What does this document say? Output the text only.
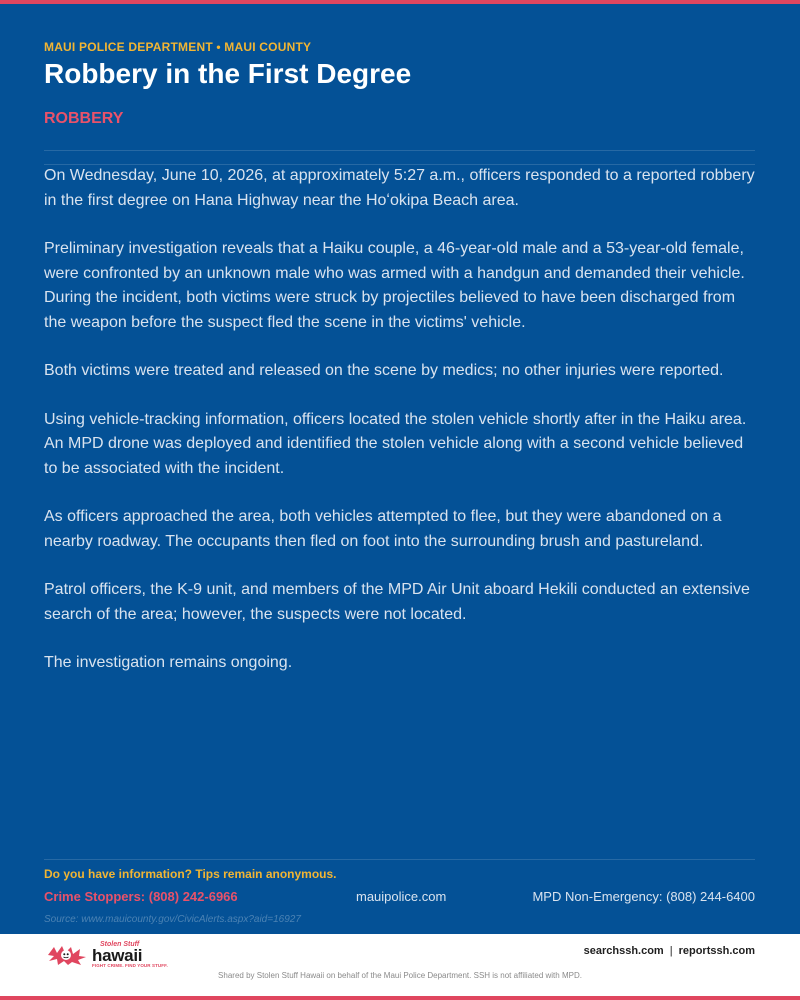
MAUI POLICE DEPARTMENT • MAUI COUNTY
Robbery in the First Degree
ROBBERY

On Wednesday, June 10, 2026, at approximately 5:27 a.m., officers responded to a reported robbery in the first degree on Hana Highway near the Hoʻokipa Beach area.

Preliminary investigation reveals that a Haiku couple, a 46-year-old male and a 53-year-old female, were confronted by an unknown male who was armed with a handgun and demanded their vehicle. During the incident, both victims were struck by projectiles believed to have been discharged from the weapon before the suspect fled the scene in the victims' vehicle.

Both victims were treated and released on the scene by medics; no other injuries were reported.

Using vehicle-tracking information, officers located the stolen vehicle shortly after in the Haiku area. An MPD drone was deployed and identified the stolen vehicle along with a second vehicle believed to be associated with the incident.

As officers approached the area, both vehicles attempted to flee, but they were abandoned on a nearby roadway. The occupants then fled on foot into the surrounding brush and pastureland.

Patrol officers, the K-9 unit, and members of the MPD Air Unit aboard Hekili conducted an extensive search of the area; however, the suspects were not located.

The investigation remains ongoing.

Do you have information? Tips remain anonymous.
Crime Stoppers: (808) 242-6966	mauipolice.com	MPD Non-Emergency: (808) 244-6400
Source: www.mauicounty.gov/CivicAlerts.aspx?aid=16927
Stolen Stuff
hawaii
FIGHT CRIME. FIND YOUR STUFF.
searchssh.com | reportssh.com
Shared by Stolen Stuff Hawaii on behalf of the Maui Police Department. SSH is not affiliated with MPD.
